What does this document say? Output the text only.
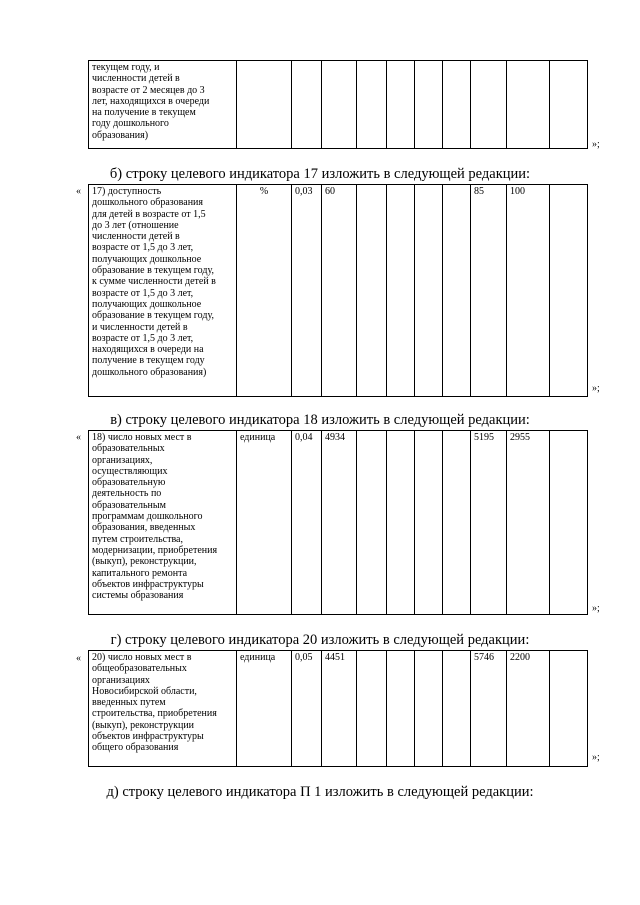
текущем году, и
численности детей в
возрасте от 2 месяцев до 3
лет, находящихся в очереди
на получение в текущем
году дошкольного
образования)										
»;
б) строку целевого индикатора 17 изложить в следующей редакции:
« 17) доступность
дошкольного образования
для детей в возрасте от 1,5
до 3 лет (отношение
численности детей в
возрасте от 1,5 до 3 лет,
получающих дошкольное
образование в текущем году,
к сумме численности детей в
возрасте от 1,5 до 3 лет,
получающих дошкольное
образование в текущем году,
и численности детей в
возрасте от 1,5 до 3 лет,
находящихся в очереди на
получение в текущем году
дошкольного образования)	%	0,03	60					85	100	
»;
в) строку целевого индикатора 18 изложить в следующей редакции:
« 18) число новых мест в
образовательных
организациях,
осуществляющих
образовательную
деятельность по
образовательным
программам дошкольного
образования, введенных
путем строительства,
модернизации, приобретения
(выкуп), реконструкции,
капитального ремонта
объектов инфраструктуры
системы образования	единица	0,04	4934					5195	2955	
»;
г) строку целевого индикатора 20 изложить в следующей редакции:
« 20) число новых мест в
общеобразовательных
организациях
Новосибирской области,
введенных путем
строительства, приобретения
(выкуп), реконструкции
объектов инфраструктуры
общего образования	единица	0,05	4451					5746	2200	
»;
д) строку целевого индикатора П 1 изложить в следующей редакции:
